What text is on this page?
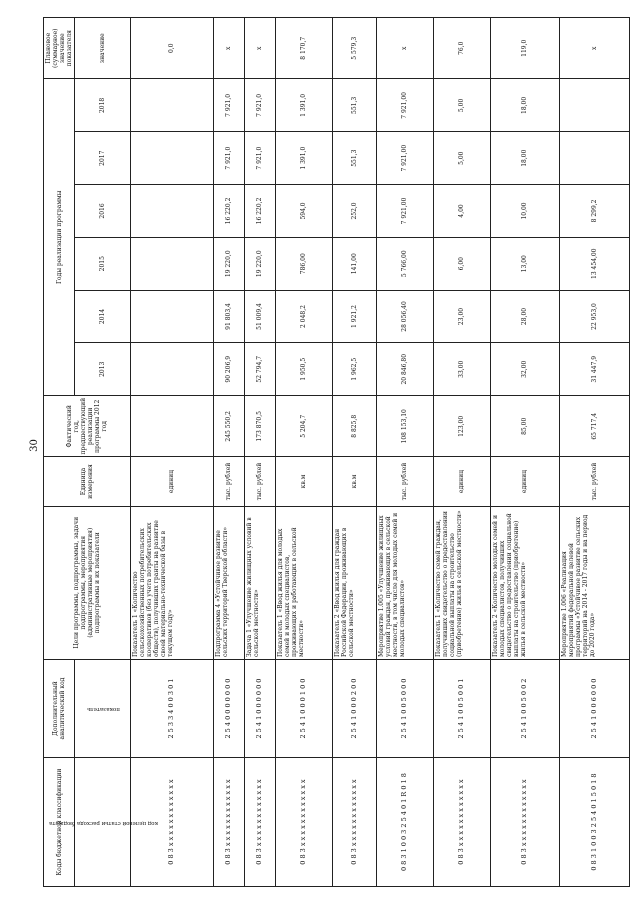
30
Коды бюджетной классификации	Дополнительный аналитический код	Цели программы, подпрограммы, задачи подпрограммы, мероприятия (административные мероприятия) подпрограммы и их показатели	Единица измерения	Фактический год, предшествующий реализации программы 2012 год	Годы реализации программы						Плановое (суммарное) значение показателя
код целевой статьи расхода бюджета	показатель				2013	2014	2015	2016	2017	2018	значение
0 8 3 x x x x x x x x x x x x	2 5 3 3 4 0 0 3 0 1	Показатель 1 «Количество сельскохозяйственных потребительских кооперативов (без учета потребительских обществ), получивших гранты на развитие своей материально-технической базы в текущем году»	единиц								0,0
0 8 3 x x x x x x x x x x x x	2 5 4 0 0 0 0 0 0 0	Подпрограмма 4 «Устойчивое развитие сельских территорий Тверской области»	тыс. рублей	245 550,2	90 206,9	91 803,4	19 220,0	16 220,2	7 921,0	7 921,0	x
0 8 3 x x x x x x x x x x x x	2 5 4 1 0 0 0 0 0 0	Задача 1 «Улучшение жилищных условий в сельской местности»	тыс. рублей	173 870,5	52 794,7	51 009,4	19 220,0	16 220,2	7 921,0	7 921,0	x
0 8 3 x x x x x x x x x x x x	2 5 4 1 0 0 0 1 0 0	Показатель 1 «Ввод жилья для молодых семей и молодых специалистов, проживающих и работающих в сельской местности»	кв.м	5 204,7	1 950,5	2 048,2	786,00	594,0	1 391,0	1 391,0	8 170,7
0 8 3 x x x x x x x x x x x x	2 5 4 1 0 0 0 2 0 0	Показатель 2 «Ввод жилья для граждан Российской Федерации, проживающих в сельской местности»	кв.м	8 825,8	1 962,5	1 921,2	141,00	252,0	551,3	551,3	5 579,3
0 8 3 1 0 0 3 2 5 4 0 1 R 0 1 8	2 5 4 1 0 0 5 0 0 0	Мероприятие 1.005 «Улучшение жилищных условий граждан, проживающих в сельской местности, в том числе для молодых семей и молодых специалистов»	тыс. рублей	108 153,10	20 846,80	28 056,40	5 766,00	7 921,00	7 921,00	7 921,00	x
0 8 3 x x x x x x x x x x x x	2 5 4 1 0 0 5 0 0 1	Показатель 1 «Количество семей граждан, получивших свидетельство о предоставлении социальной выплаты на строительство (приобретение) жилья в сельской местности»	единиц	123,00	33,00	23,00	6,00	4,00	5,00	5,00	76,0
0 8 3 x x x x x x x x x x x x	2 5 4 1 0 0 5 0 0 2	Показатель 2 «Количество молодых семей и молодых специалистов, получивших свидетельство о предоставлении социальной выплаты на строительство (приобретение) жилья в сельской местности»	единиц	85,00	32,00	28,00	13,00	10,00	18,00	18,00	119,0
0 8 3 1 0 0 3 2 5 4 0 1 5 0 1 8	2 5 4 1 0 0 6 0 0 0	Мероприятие 1.006 «Реализация мероприятий федеральной целевой программы «Устойчивое развитие сельских территорий на 2014 - 2017 годы и на период до 2020 года»	тыс. рублей	65 717,4	31 447,9	22 953,0	13 454,00	8 299,2			x
